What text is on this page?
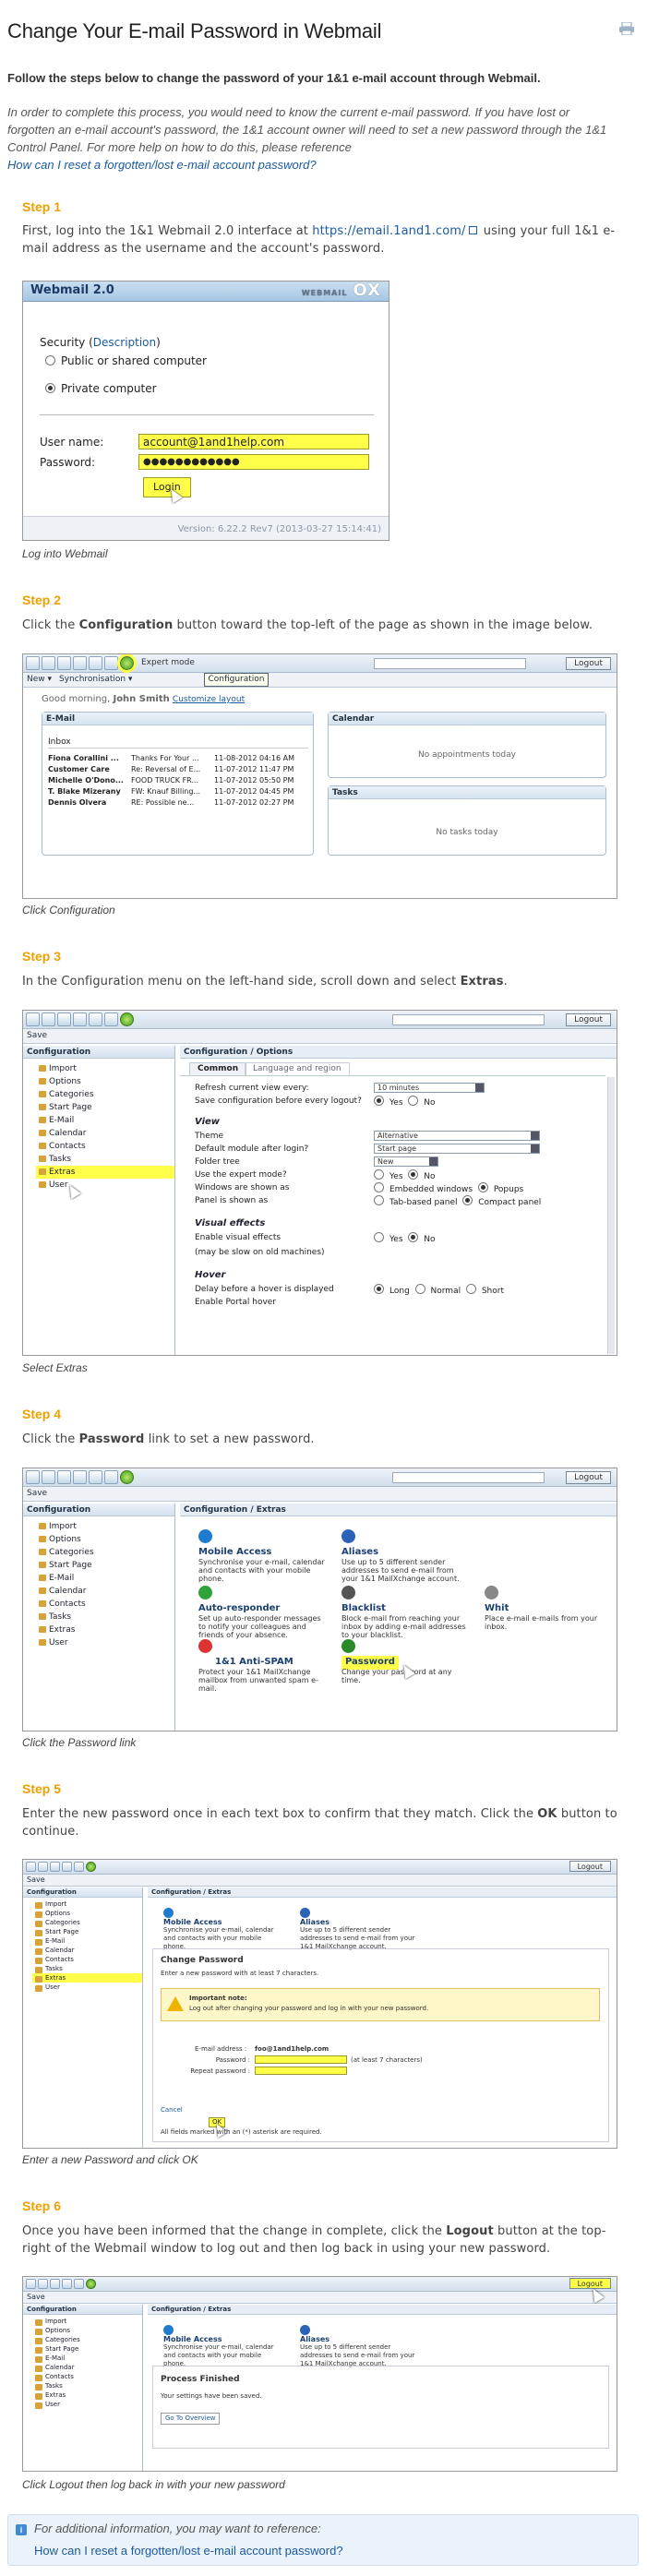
Change Your E-mail Password in Webmail
Follow the steps below to change the password of your 1&1 e-mail account through Webmail.
In order to complete this process, you would need to know the current e-mail password. If you have lost or forgotten an e-mail account's password, the 1&1 account owner will need to set a new password through the 1&1 Control Panel. For more help on how to do this, please reference
How can I reset a forgotten/lost e-mail account password?
Step 1
First, log into the 1&1 Webmail 2.0 interface at https://email.1and1.com/ using your full 1&1 e-mail address as the username and the account's password.
Webmail 2.0	WEBMAIL OX
Security (Description)
Public or shared computer
Private computer
User name:	account@1and1help.com
Password:	●●●●●●●●●●●●
Login
Version: 6.22.2 Rev7 (2013-03-27 15:14:41)
Log into Webmail
Step 2
Click the Configuration button toward the top-left of the page as shown in the image below.
Expert mode	Logout
New ▾ Synchronisation ▾	Configuration
Good morning, John Smith Customize layout
E-Mail
Inbox
Fiona Corallini ... Thanks For Your ... 11-08-2012 04:16 AM
Customer Care	Re: Reversal of E... 11-07-2012 11:47 PM
Michelle O'Dono... FOOD TRUCK FR... 11-07-2012 05:50 PM
T. Blake Mizerany FW: Knauf Billing... 11-07-2012 04:45 PM
Dennis Olvera	RE: Possible ne...	11-07-2012 02:27 PM
Calendar
No appointments today
Tasks
No tasks today
Click Configuration
Step 3
In the Configuration menu on the left-hand side, scroll down and select Extras.
Logout
Save
Configuration
Import
Options
Categories
Start Page
E-Mail
Calendar
Contacts
Tasks
Extras
User
Configuration / Options
Common	Language and region
Refresh current view every:	10 minutes
Save configuration before every logout?	Yes	No
View
Theme	Alternative
Default module after login?	Start page
Folder tree	New
Use the expert mode?	Yes	No
Windows are shown as	Embedded windows	Popups
Panel is shown as	Tab-based panel	Compact panel
Visual effects
Enable visual effects	Yes	No
(may be slow on old machines)
Hover
Delay before a hover is displayed	Long	Normal	Short
Enable Portal hover
Select Extras
Step 4
Click the Password link to set a new password.
Logout
Save
Configuration
Import
Options
Categories
Start Page
E-Mail
Calendar
Contacts
Tasks
Extras
User
Configuration / Extras
Mobile Access
Synchronise your e-mail, calendar and contacts with your mobile phone.
Aliases
Use up to 5 different sender addresses to send e-mail from your 1&1 MailXchange account.
Auto-responder
Set up auto-responder messages to notify your colleagues and friends of your absence.
Blacklist
Block e-mail from reaching your inbox by adding e-mail addresses to your blacklist.
Whit
Place e-mail e-mails from your inbox.
1&1 Anti-SPAM
Protect your 1&1 MailXchange mailbox from unwanted spam e-mail.
Password
Change your password at any time.
Click the Password link
Step 5
Enter the new password once in each text box to confirm that they match. Click the OK button to continue.
Logout
Save
Configuration
Import
Options
Categories
Start Page
E-Mail
Calendar
Contacts
Tasks
Extras
User
Configuration / Extras
Mobile Access
Synchronise your e-mail, calendar and contacts with your mobile phone.
Aliases
Use up to 5 different sender addresses to send e-mail from your 1&1 MailXchange account.
Change Password
Enter a new password with at least 7 characters.
Important note:
Log out after changing your password and log in with your new password.
E-mail address : foo@1and1help.com
Password :	(at least 7 characters)
Repeat password :
Cancel
OK
All fields marked with an (*) asterisk are required.
Enter a new Password and click OK
Step 6
Once you have been informed that the change in complete, click the Logout button at the top-right of the Webmail window to log out and then log back in using your new password.
Logout
Save
Configuration
Import
Options
Categories
Start Page
E-Mail
Calendar
Contacts
Tasks
Extras
User
Configuration / Extras
Mobile Access
Synchronise your e-mail, calendar and contacts with your mobile phone.
Aliases
Use up to 5 different sender addresses to send e-mail from your 1&1 MailXchange account.
Process Finished
Your settings have been saved.
Go To Overview
Click Logout then log back in with your new password
i For additional information, you may want to reference:
How can I reset a forgotten/lost e-mail account password?
